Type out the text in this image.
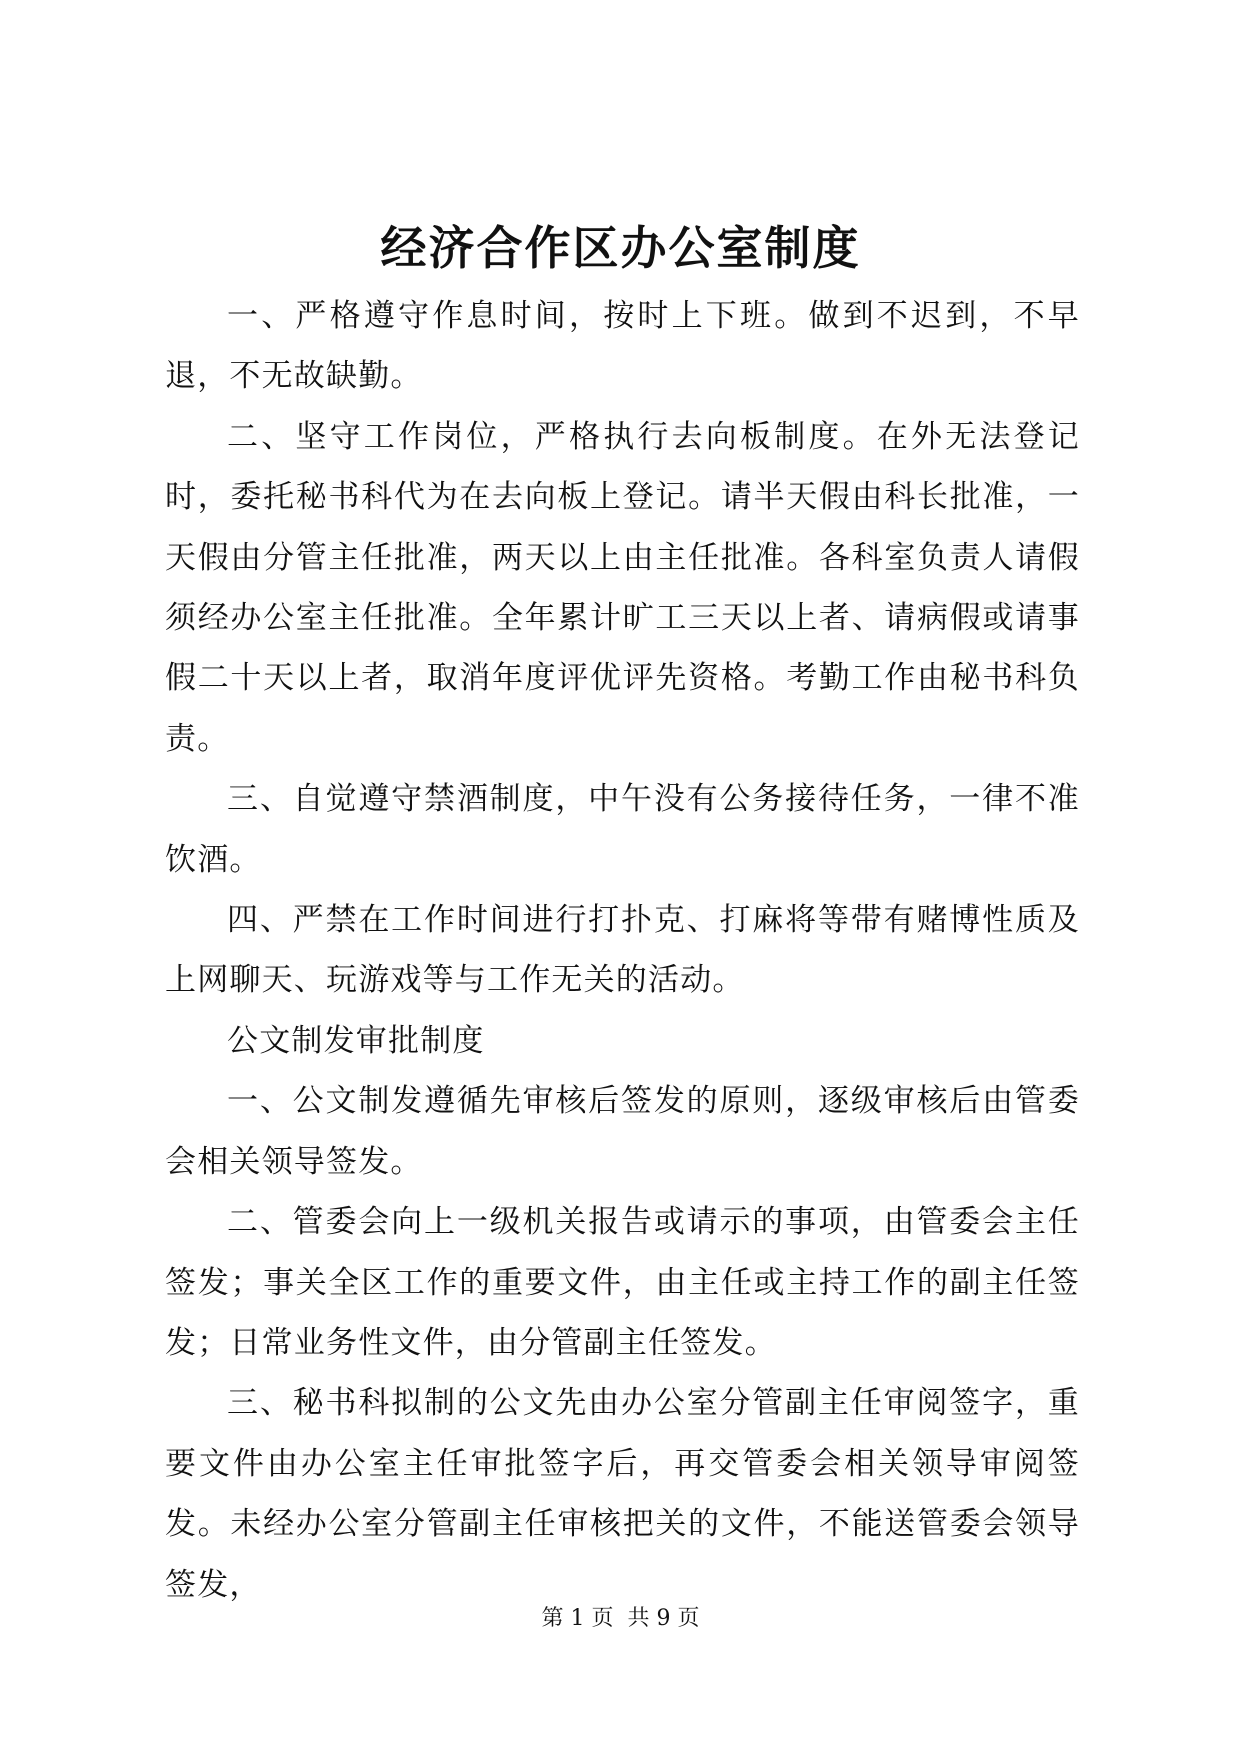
经济合作区办公室制度

一、严格遵守作息时间，按时上下班。做到不迟到，不早退，不无故缺勤。

二、坚守工作岗位，严格执行去向板制度。在外无法登记时，委托秘书科代为在去向板上登记。请半天假由科长批准，一天假由分管主任批准，两天以上由主任批准。各科室负责人请假须经办公室主任批准。全年累计旷工三天以上者、请病假或请事假二十天以上者，取消年度评优评先资格。考勤工作由秘书科负责。

三、自觉遵守禁酒制度，中午没有公务接待任务，一律不准饮酒。

四、严禁在工作时间进行打扑克、打麻将等带有赌博性质及上网聊天、玩游戏等与工作无关的活动。

公文制发审批制度

一、公文制发遵循先审核后签发的原则，逐级审核后由管委会相关领导签发。

二、管委会向上一级机关报告或请示的事项，由管委会主任签发；事关全区工作的重要文件，由主任或主持工作的副主任签发；日常业务性文件，由分管副主任签发。

三、秘书科拟制的公文先由办公室分管副主任审阅签字，重要文件由办公室主任审批签字后，再交管委会相关领导审阅签发。未经办公室分管副主任审核把关的文件，不能送管委会领导签发，

第 1 页  共 9 页
